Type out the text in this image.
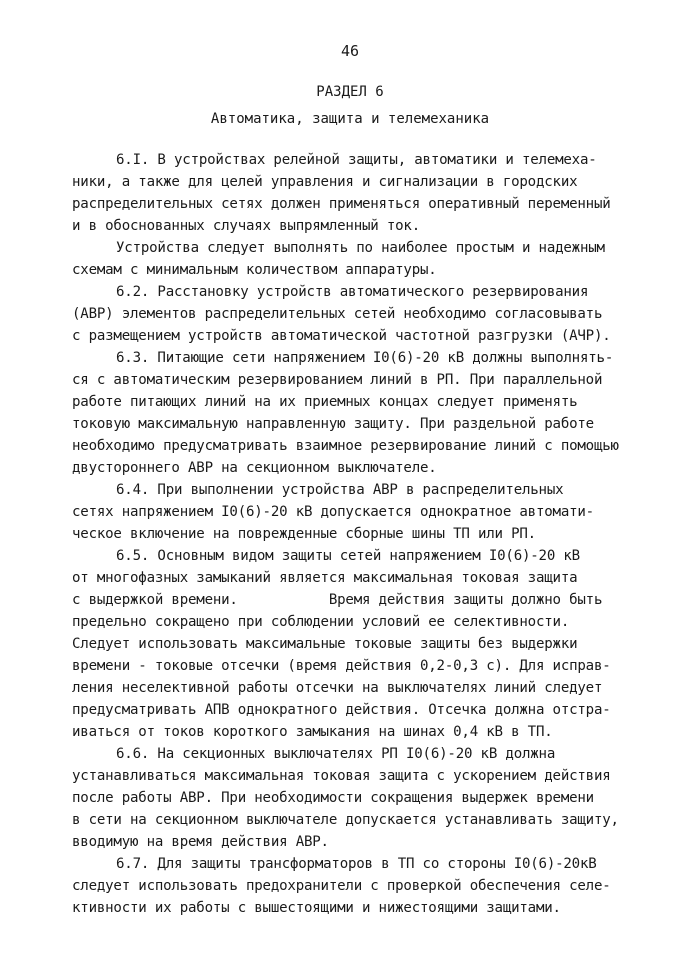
46
РАЗДЕЛ 6
Автоматика, защита и телемеханика
6.I. В устройствах релейной защиты, автоматики и телемеха-
ники, а также для целей управления и сигнализации в городских
распределительных сетях должен применяться оперативный переменный
и в обоснованных случаях выпрямленный ток.
Устройства следует выполнять по наиболее простым и надежным
схемам с минимальным количеством аппаратуры.
6.2. Расстановку устройств автоматического резервирования
(АВР) элементов распределительных сетей необходимо согласовывать
с размещением устройств автоматической частотной разгрузки (АЧР).
6.3. Питающие сети напряжением I0(6)-20 кВ должны выполнять-
ся с автоматическим резервированием линий в РП. При параллельной
работе питающих линий на их приемных концах следует применять
токовую максимальную направленную защиту. При раздельной работе
необходимо предусматривать взаимное резервирование линий с помощью
двустороннего АВР на секционном выключателе.
6.4. При выполнении устройства АВР в распределительных
сетях напряжением I0(6)-20 кВ допускается однократное автомати-
ческое включение на поврежденные сборные шины ТП или РП.
6.5. Основным видом защиты сетей напряжением I0(6)-20 кВ
от многофазных замыканий является максимальная токовая защита
с выдержкой времени.           Время действия защиты должно быть
предельно сокращено при соблюдении условий ее селективности.
Следует использовать максимальные токовые защиты без выдержки
времени - токовые отсечки (время действия 0,2-0,3 с). Для исправ-
ления неселективной работы отсечки на выключателях линий следует
предусматривать АПВ однократного действия. Отсечка должна отстра-
иваться от токов короткого замыкания на шинах 0,4 кВ в ТП.
6.6. На секционных выключателях РП I0(6)-20 кВ должна
устанавливаться максимальная токовая защита с ускорением действия
после работы АВР. При необходимости сокращения выдержек времени
в сети на секционном выключателе допускается устанавливать защиту,
вводимую на время действия АВР.
6.7. Для защиты трансформаторов в ТП со стороны I0(6)-20кВ
следует использовать предохранители с проверкой обеспечения селе-
ктивности их работы с вышестоящими и нижестоящими защитами.
